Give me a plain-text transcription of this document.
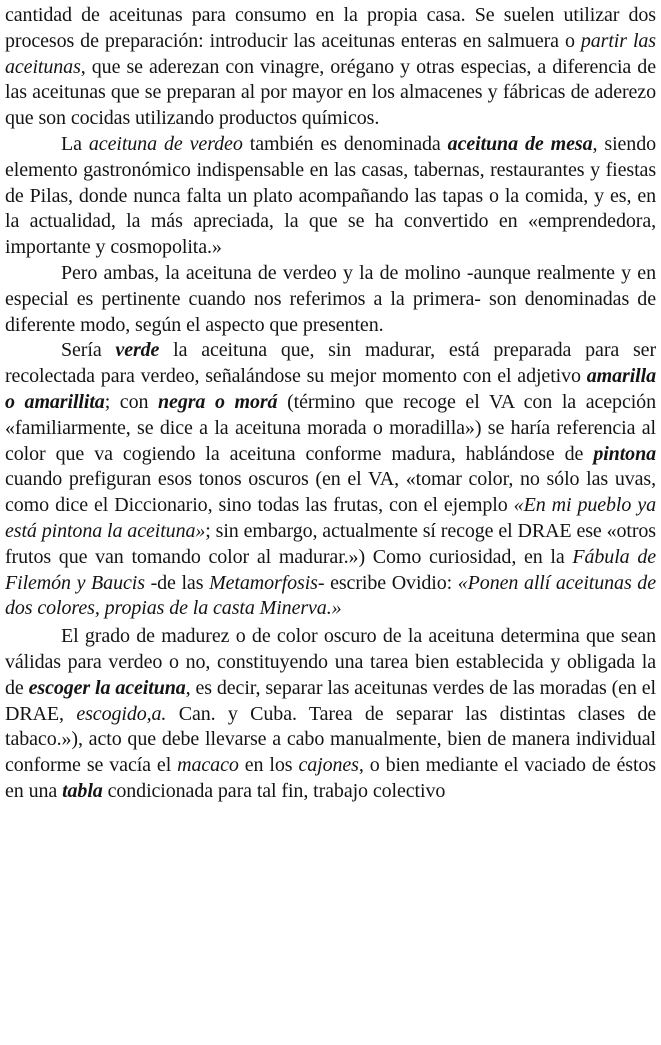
cantidad de aceitunas para consumo en la propia casa. Se suelen utilizar dos procesos de preparación: introducir las aceitunas enteras en salmuera o partir las aceitunas, que se aderezan con vinagre, orégano y otras especias, a diferencia de las aceitunas que se preparan al por mayor en los almacenes y fábricas de aderezo que son cocidas utilizando productos químicos.

La aceituna de verdeo también es denominada aceituna de mesa, siendo elemento gastronómico indispensable en las casas, tabernas, restaurantes y fiestas de Pilas, donde nunca falta un plato acompañando las tapas o la comida, y es, en la actualidad, la más apreciada, la que se ha convertido en «emprendedora, importante y cosmopolita.»

Pero ambas, la aceituna de verdeo y la de molino -aunque realmente y en especial es pertinente cuando nos referimos a la primera- son denominadas de diferente modo, según el aspecto que presenten.

Sería verde la aceituna que, sin madurar, está preparada para ser recolectada para verdeo, señalándose su mejor momento con el adjetivo amarilla o amarillita; con negra o morá (término que recoge el VA con la acepción «familiarmente, se dice a la aceituna morada o moradilla») se haría referencia al color que va cogiendo la aceituna conforme madura, hablándose de pintona cuando prefiguran esos tonos oscuros (en el VA, «tomar color, no sólo las uvas, como dice el Diccionario, sino todas las frutas, con el ejemplo «En mi pueblo ya está pintona la aceituna»; sin embargo, actualmente sí recoge el DRAE ese «otros frutos que van tomando color al madurar.») Como curiosidad, en la Fábula de Filemón y Baucis -de las Metamorfosis- escribe Ovidio: «Ponen allí aceitunas de dos colores, propias de la casta Minerva.»

El grado de madurez o de color oscuro de la aceituna determina que sean válidas para verdeo o no, constituyendo una tarea bien establecida y obligada la de escoger la aceituna, es decir, separar las aceitunas verdes de las moradas (en el DRAE, escogido,a. Can. y Cuba. Tarea de separar las distintas clases de tabaco.»), acto que debe llevarse a cabo manualmente, bien de manera individual conforme se vacía el macaco en los cajones, o bien mediante el vaciado de éstos en una tabla condicionada para tal fin, trabajo colectivo
